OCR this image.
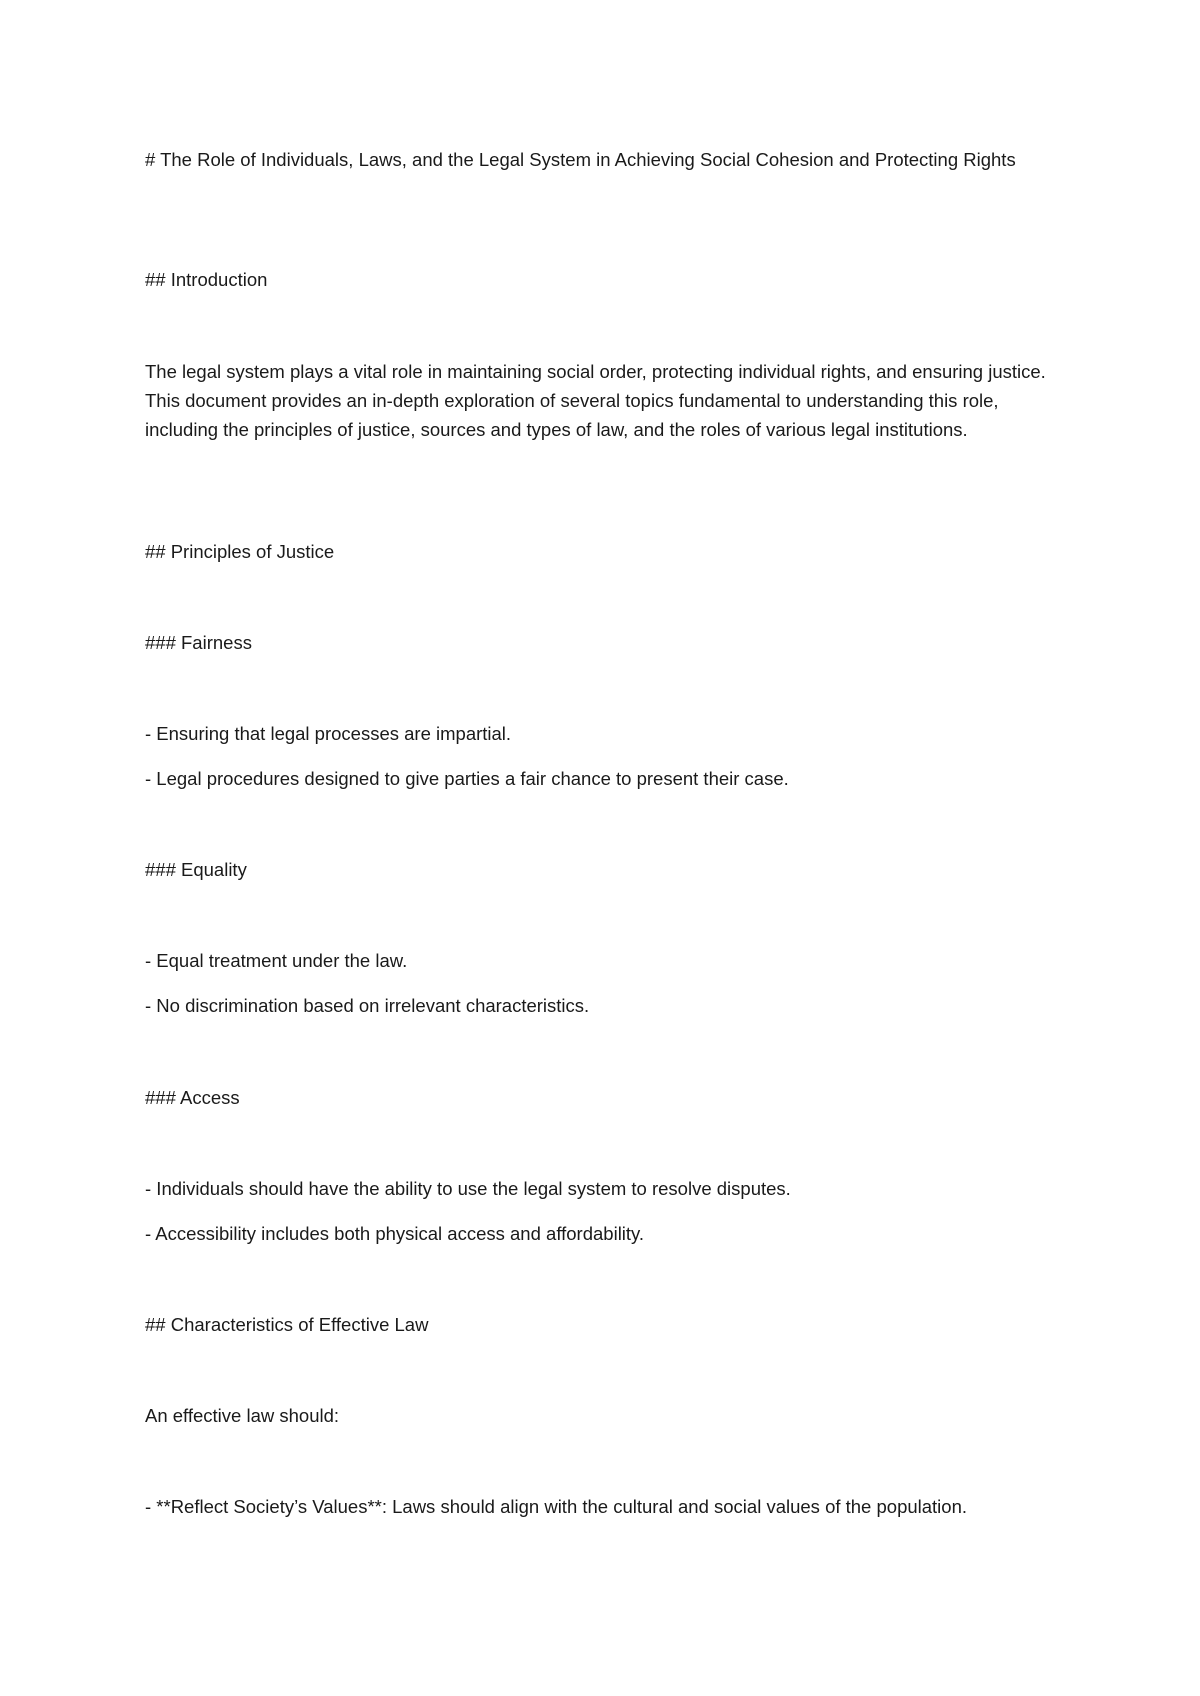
# The Role of Individuals, Laws, and the Legal System in Achieving Social Cohesion and Protecting Rights

## Introduction

The legal system plays a vital role in maintaining social order, protecting individual rights, and ensuring justice. This document provides an in-depth exploration of several topics fundamental to understanding this role, including the principles of justice, sources and types of law, and the roles of various legal institutions.

## Principles of Justice

### Fairness

- Ensuring that legal processes are impartial.

- Legal procedures designed to give parties a fair chance to present their case.

### Equality

- Equal treatment under the law.

- No discrimination based on irrelevant characteristics.

### Access

- Individuals should have the ability to use the legal system to resolve disputes.

- Accessibility includes both physical access and affordability.

## Characteristics of Effective Law

An effective law should:

- **Reflect Society’s Values**: Laws should align with the cultural and social values of the population.
